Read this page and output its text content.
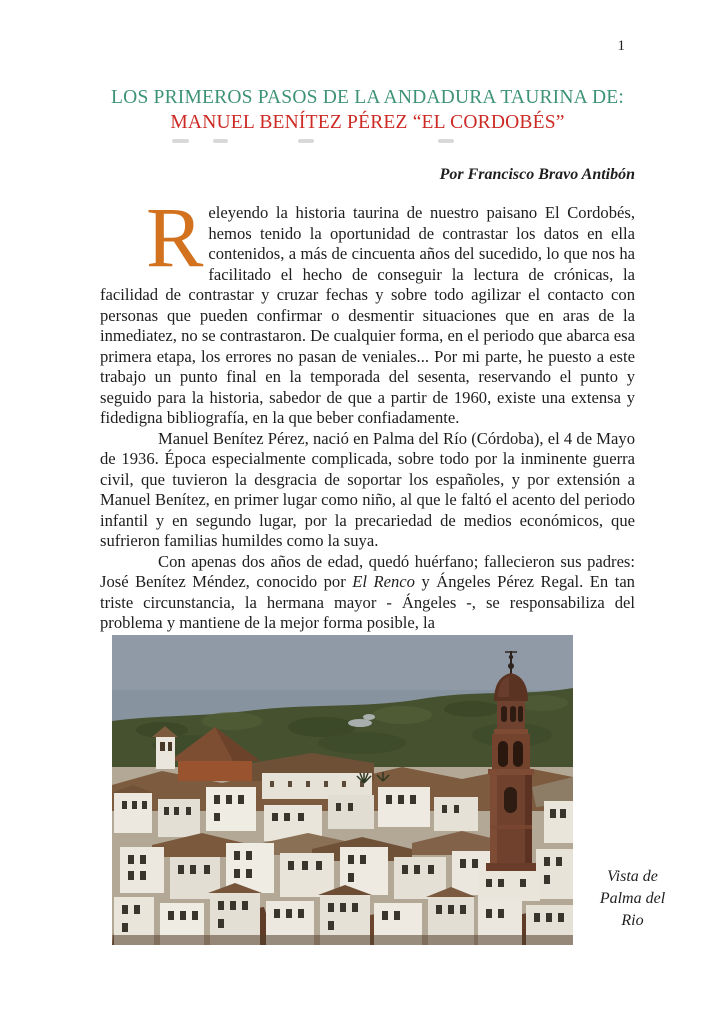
1
LOS PRIMEROS PASOS DE LA ANDADURA TAURINA DE:
MANUEL BENÍTEZ PÉREZ “EL CORDOBÉS”
Por Francisco Bravo Antibón

Releyendo la historia taurina de nuestro paisano El Cordobés, hemos tenido la oportunidad de contrastar los datos en ella contenidos, a más de cincuenta años del sucedido, lo que nos ha facilitado el hecho de conseguir la lectura de crónicas, la facilidad de contrastar y cruzar fechas y sobre todo agilizar el contacto con personas que pueden confirmar o desmentir situaciones que en aras de la inmediatez, no se contrastaron. De cualquier forma, en el periodo que abarca esa primera etapa, los errores no pasan de veniales... Por mi parte, he puesto a este trabajo un punto final en la temporada del sesenta, reservando el punto y seguido para la historia, sabedor de que a partir de 1960, existe una extensa y fidedigna bibliografía, en la que beber confiadamente.

Manuel Benítez Pérez, nació en Palma del Río (Córdoba), el 4 de Mayo de 1936. Época especialmente complicada, sobre todo por la inminente guerra civil, que tuvieron la desgracia de soportar los españoles, y por extensión a Manuel Benítez, en primer lugar como niño, al que le faltó el acento del periodo infantil y en segundo lugar, por la precariedad de medios económicos, que sufrieron familias humildes como la suya.

Con apenas dos años de edad, quedó huérfano; fallecieron sus padres: José Benítez Méndez, conocido por El Renco y Ángeles Pérez Regal. En tan triste circunstancia, la hermana mayor - Ángeles -, se responsabiliza del problema y mantiene de la mejor forma posible, la

Vista de
Palma del
Rio
